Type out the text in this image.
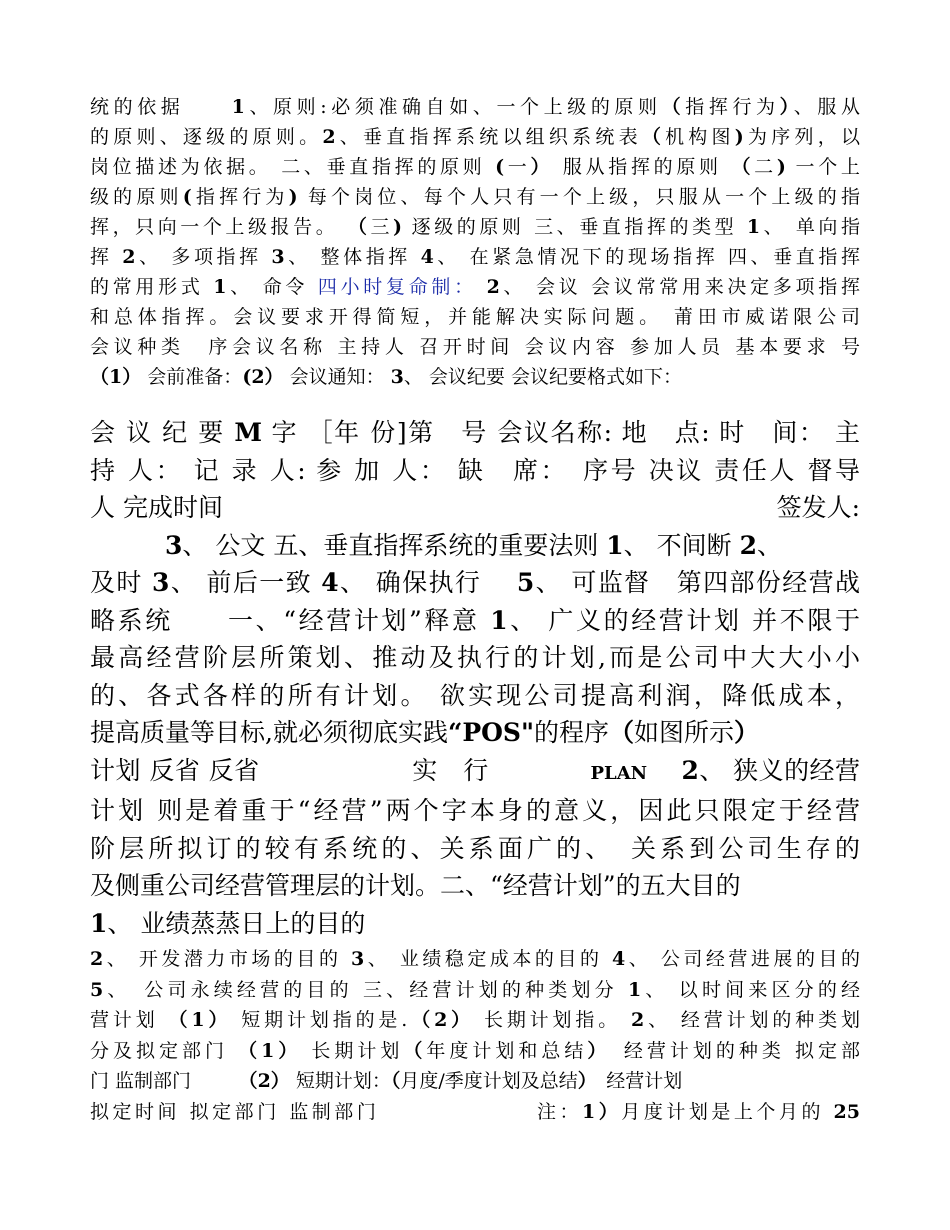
统的依据　　1、原则:必须准确自如、一个上级的原则（指挥行为）、服从
的原则、逐级的原则。2、垂直指挥系统以组织系统表（机构图)为序列，以
岗位描述为依据。 二、垂直指挥的原则 (一） 服从指挥的原则 （二) 一个上
级的原则(指挥行为) 每个岗位、每个人只有一个上级，只服从一个上级的指
挥，只向一个上级报告。 （三) 逐级的原则 三、垂直指挥的类型 1、 单向指
挥 2、 多项指挥 3、 整体指挥 4、 在紧急情况下的现场指挥 四、垂直指挥
的常用形式 1、 命令 四小时复命制： 2、 会议 会议常常用来决定多项指挥
和总体指挥。会议要求开得简短，并能解决实际问题。 莆田市威诺限公司
会议种类　序会议名称 主持人 召开时间 会议内容 参加人员 基本要求 号
（1） 会前准备：(2） 会议通知： 3、 会议纪要 会议纪要格式如下：
会 议 纪 要 M 字 ［年 份]第　号 会议名称: 地　点: 时　间： 主
持 人： 记 录 人: 参 加 人： 缺　席：　序号 决议 责任人 督导
人 完成时间	签发人:
　　　3、 公文 五、垂直指挥系统的重要法则 1、 不间断 2、
及时 3、 前后一致 4、 确保执行　 5、 可监督　第四部份经营战
略系统　　一、“经营计划”释意 1、 广义的经营计划 并不限于
最高经营阶层所策划、推动及执行的计划,而是公司中大大小小
的、各式各样的所有计划。 欲实现公司提高利润，降低成本，
提高质量等目标,就必须彻底实践“POS"的程序（如图所示）
计划 反省 反省　　　　　　实　行　　　　PLAN　 2、 狭义的经营
计划 则是着重于“经营”两个字本身的意义，因此只限定于经营
阶层所拟订的较有系统的、关系面广的、　关系到公司生存的
及侧重公司经营管理层的计划。二、“经营计划”的五大目的
1、 业绩蒸蒸日上的目的
2、 开发潜力市场的目的 3、 业绩稳定成本的目的 4、 公司经营进展的目的
5、　公司永续经营的目的 三、经营计划的种类划分 1、 以时间来区分的经
营计划 （1） 短期计划指的是.（2） 长期计划指。 2、 经营计划的种类划
分及拟定部门 （1） 长期计划（年度计划和总结）　经营计划的种类 拟定部
门 监制部门　　　（2） 短期计划：（月度/季度计划及总结）　经营计划
拟定时间 拟定部门 监制部门　　　　　　　注：1）月度计划是上个月的 25
